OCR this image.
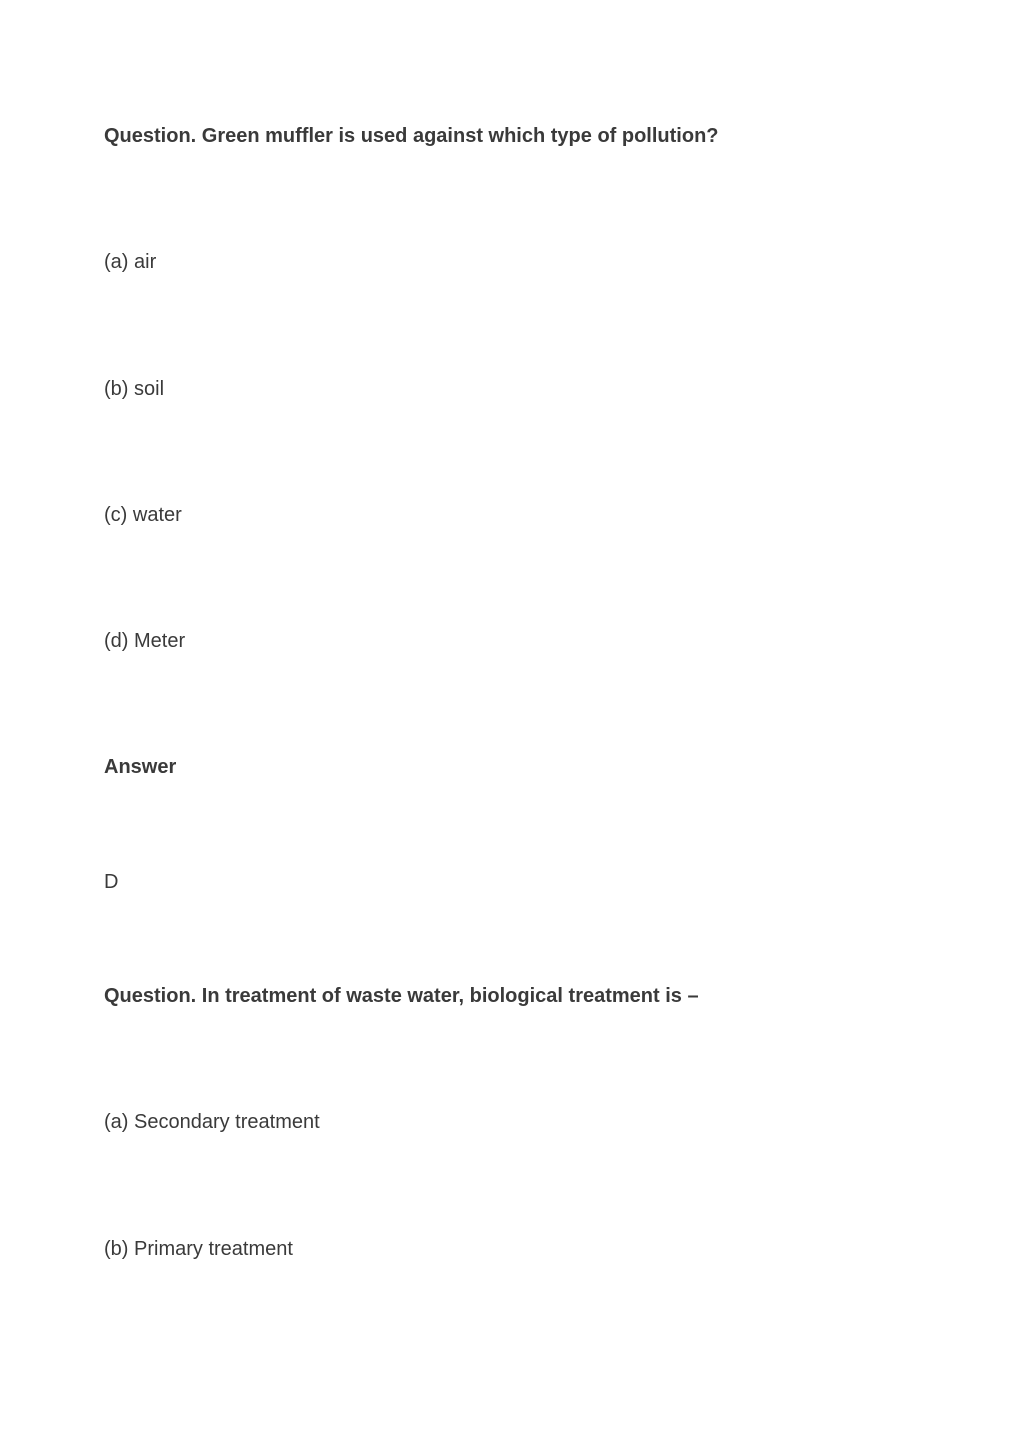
Question. Green muffler is used against which type of pollution?

(a) air

(b) soil

(c) water

(d) Meter

Answer

D

Question. In treatment of waste water, biological treatment is –

(a) Secondary treatment

(b) Primary treatment
